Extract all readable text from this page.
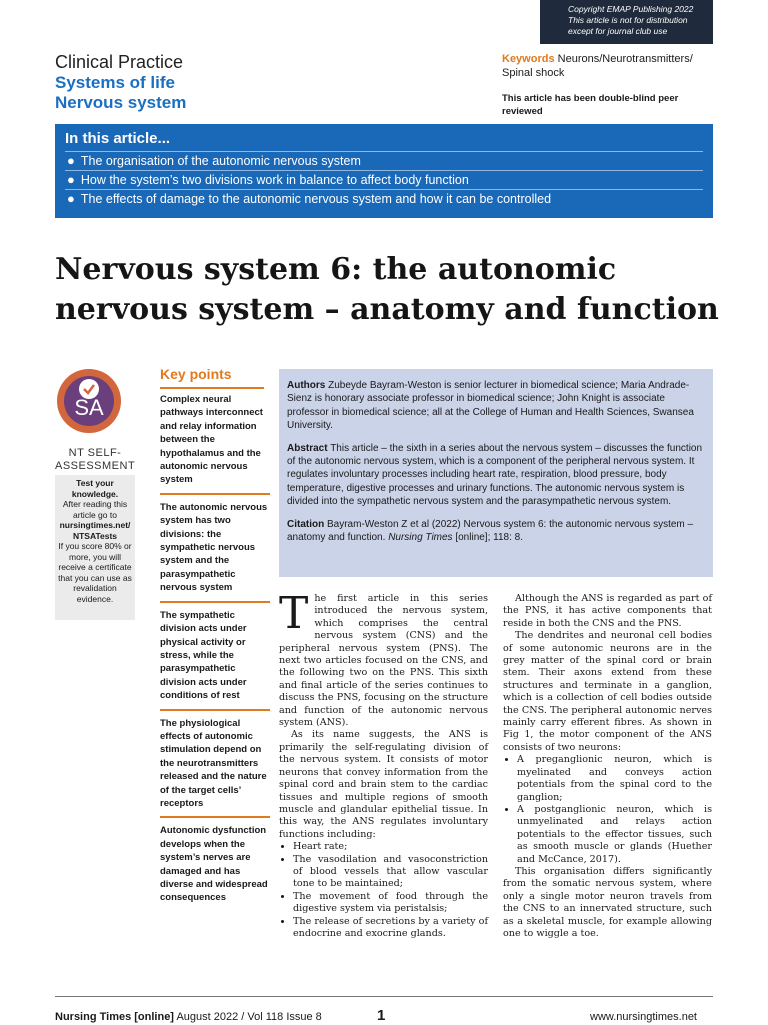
Copyright EMAP Publishing 2022
This article is not for distribution
except for journal club use
Clinical Practice
Systems of life
Nervous system
Keywords Neurons/Neurotransmitters/ Spinal shock
This article has been double-blind peer reviewed
In this article...
● The organisation of the autonomic nervous system
● How the system’s two divisions work in balance to affect body function
● The effects of damage to the autonomic nervous system and how it can be controlled
Nervous system 6: the autonomic nervous system – anatomy and function
SA
NT SELF-ASSESSMENT
Test your knowledge.
After reading this article go to
nursingtimes.net/ NTSATests
If you score 80% or more, you will receive a certificate that you can use as revalidation evidence.
Key points
Complex neural pathways interconnect and relay information between the hypothalamus and the autonomic nervous system
The autonomic nervous system has two divisions: the sympathetic nervous system and the parasympathetic nervous system
The sympathetic division acts under physical activity or stress, while the parasympathetic division acts under conditions of rest
The physiological effects of autonomic stimulation depend on the neurotransmitters released and the nature of the target cells’ receptors
Autonomic dysfunction develops when the system’s nerves are damaged and has diverse and widespread consequences

Authors Zubeyde Bayram-Weston is senior lecturer in biomedical science; Maria Andrade-Sienz is honorary associate professor in biomedical science; John Knight is associate professor in biomedical science; all at the College of Human and Health Sciences, Swansea University.

Abstract This article – the sixth in a series about the nervous system – discusses the function of the autonomic nervous system, which is a component of the peripheral nervous system. It regulates involuntary processes including heart rate, respiration, blood pressure, body temperature, digestive processes and urinary functions. The autonomic nervous system is divided into the sympathetic nervous system and the parasympathetic nervous system.

Citation Bayram-Weston Z et al (2022) Nervous system 6: the autonomic nervous system – anatomy and function. Nursing Times [online]; 118: 8.

The first article in this series introduced the nervous system, which comprises the central nervous system (CNS) and the peripheral nervous system (PNS). The next two articles focused on the CNS, and the following two on the PNS. This sixth and final article of the series continues to discuss the PNS, focusing on the structure and function of the autonomic nervous system (ANS).

As its name suggests, the ANS is primarily the self-regulating division of the nervous system. It consists of motor neurons that convey information from the spinal cord and brain stem to the cardiac tissues and multiple regions of smooth muscle and glandular epithelial tissue. In this way, the ANS regulates involuntary functions including:

• Heart rate;
• The vasodilation and vasoconstriction of blood vessels that allow vascular tone to be maintained;
• The movement of food through the digestive system via peristalsis;
• The release of secretions by a variety of endocrine and exocrine glands.

Although the ANS is regarded as part of the PNS, it has active components that reside in both the CNS and the PNS.

The dendrites and neuronal cell bodies of some autonomic neurons are in the grey matter of the spinal cord or brain stem. Their axons extend from these structures and terminate in a ganglion, which is a collection of cell bodies outside the CNS. The peripheral autonomic nerves mainly carry efferent fibres. As shown in Fig 1, the motor component of the ANS consists of two neurons:

• A preganglionic neuron, which is myelinated and conveys action potentials from the spinal cord to the ganglion;
• A postganglionic neuron, which is unmyelinated and relays action potentials to the effector tissues, such as smooth muscle or glands (Huether and McCance, 2017).

This organisation differs significantly from the somatic nervous system, where only a single motor neuron travels from the CNS to an innervated structure, such as a skeletal muscle, for example allowing one to wiggle a toe.

Nursing Times [online] August 2022 / Vol 118 Issue 8	1	www.nursingtimes.net
